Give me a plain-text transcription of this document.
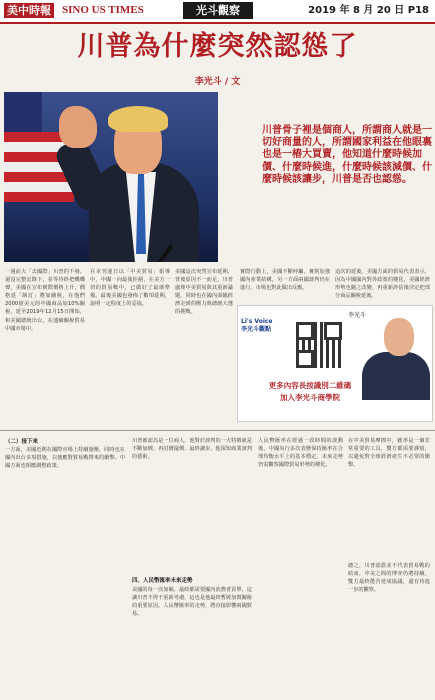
美中時報 SINO US TIMES	光斗觀察	2019 年 8 月 20 日 P18
川普為什麼突然認慫了
李光斗 / 文
川普骨子裡是個商人，所謂商人就是一切好商量的人，所謂國家利益在他眼裏也是一樁大買賣，他知道什麼時候加價、什麼時候進，什麼時候該減價、什麼時候該讓步，川普是否也認慫。
一週前大「去國際」川普的不發。還沒完整記錄下，並等待終把嘰嘰聲，美國在宣布實際價格上升，價格延「制訂」將加關稅，在他們2000億美元的中國商品加10%關稅，延至2019年12月15日開始，和美國總統出台，在連續關稅貿易中國市場中。
在本刊連日以「中美貿易」報導中，中國一向最後拒絕，在美方一切的貿易戰中，已做好了最壞準備。最後美國也發佈了數項延期，說明一定程度上的妥協。
美國這次突然宣布延期，背後原因不一而足。川普處理中美貿易與其重新議題，同時也在國內面臨經濟走緩的壓力與總統大選的挑戰。
實際行動上，美國不斷呼籲、實則加強國內產業結構，另一方面兩國談判仍在進行，市場也對此做出反應。
這次的延後。美國方面的貿易代表表示，因為中國國內對外政策的變化，美國經濟形勢也隨之改變，再重新評估後決定把部分商品關稅延後。
Li's Voice
李光斗觀點
李光斗
更多內容長按識別二維碼
加入李光斗商學院
（二）接下來
一方面，美國近期在國際市場上持續施壓，同時也在國內出台多項措施，以便應對貿易戰帶來的衝擊。中國方面也相應調整政策。
川普被認為是一位商人，他對於談判的一大特徵就是不斷加價、再討價還價、最終讓步。他深知商業談判的藝術。
四、人民幣匯率未來走勢
美國的每一次加碼，最終都需要國內消費者買單，這讓川普不得不重新考慮，這也是他最終暫緩加徵關稅的重要原因。人民幣匯率的走勢，將直接影響兩國貿易。
人民幣匯率在經過一段時間的波動後，中國央行多次表態保持匯率在合理均衡水平上的基本穩定，未來走勢仍需觀察國際貿易形勢的變化。
在中美貿易摩擦中，匯率是一個非常重要的工具，雙方都需要謹慎，以避免對全球經濟產生不必要的衝擊。
總之，川普認慫並不代表貿易戰的結束，中美之間的博弈仍將持續，雙方最終能否達成協議，還有待進一步的觀察。
